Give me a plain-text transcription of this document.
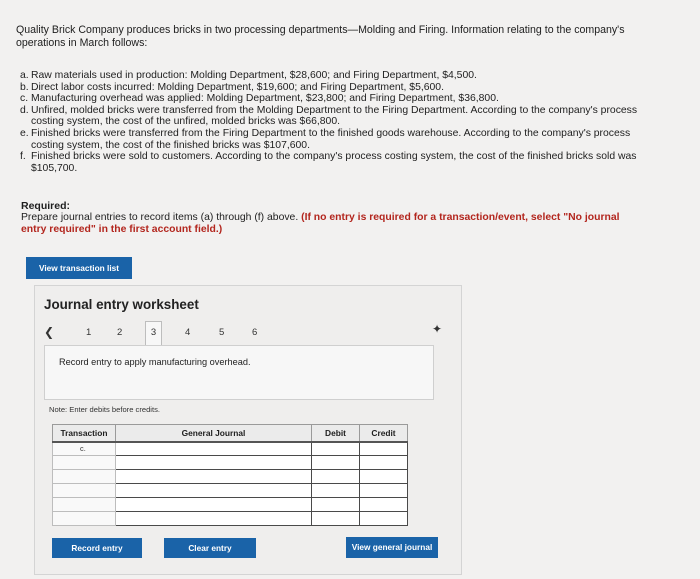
Quality Brick Company produces bricks in two processing departments—Molding and Firing. Information relating to the company's operations in March follows:
a. Raw materials used in production: Molding Department, $28,600; and Firing Department, $4,500.
b. Direct labor costs incurred: Molding Department, $19,600; and Firing Department, $5,600.
c. Manufacturing overhead was applied: Molding Department, $23,800; and Firing Department, $36,800.
d. Unfired, molded bricks were transferred from the Molding Department to the Firing Department. According to the company's process costing system, the cost of the unfired, molded bricks was $66,800.
e. Finished bricks were transferred from the Firing Department to the finished goods warehouse. According to the company's process costing system, the cost of the finished bricks was $107,600.
f. Finished bricks were sold to customers. According to the company's process costing system, the cost of the finished bricks sold was $105,700.
Required:
Prepare journal entries to record items (a) through (f) above. (If no entry is required for a transaction/event, select "No journal entry required" in the first account field.)
View transaction list
Journal entry worksheet
❮	1	2	3	4	5	6	✦
Record entry to apply manufacturing overhead.
Note: Enter debits before credits.
Transaction	General Journal	Debit	Credit
c.			

Record entry	Clear entry	View general journal
